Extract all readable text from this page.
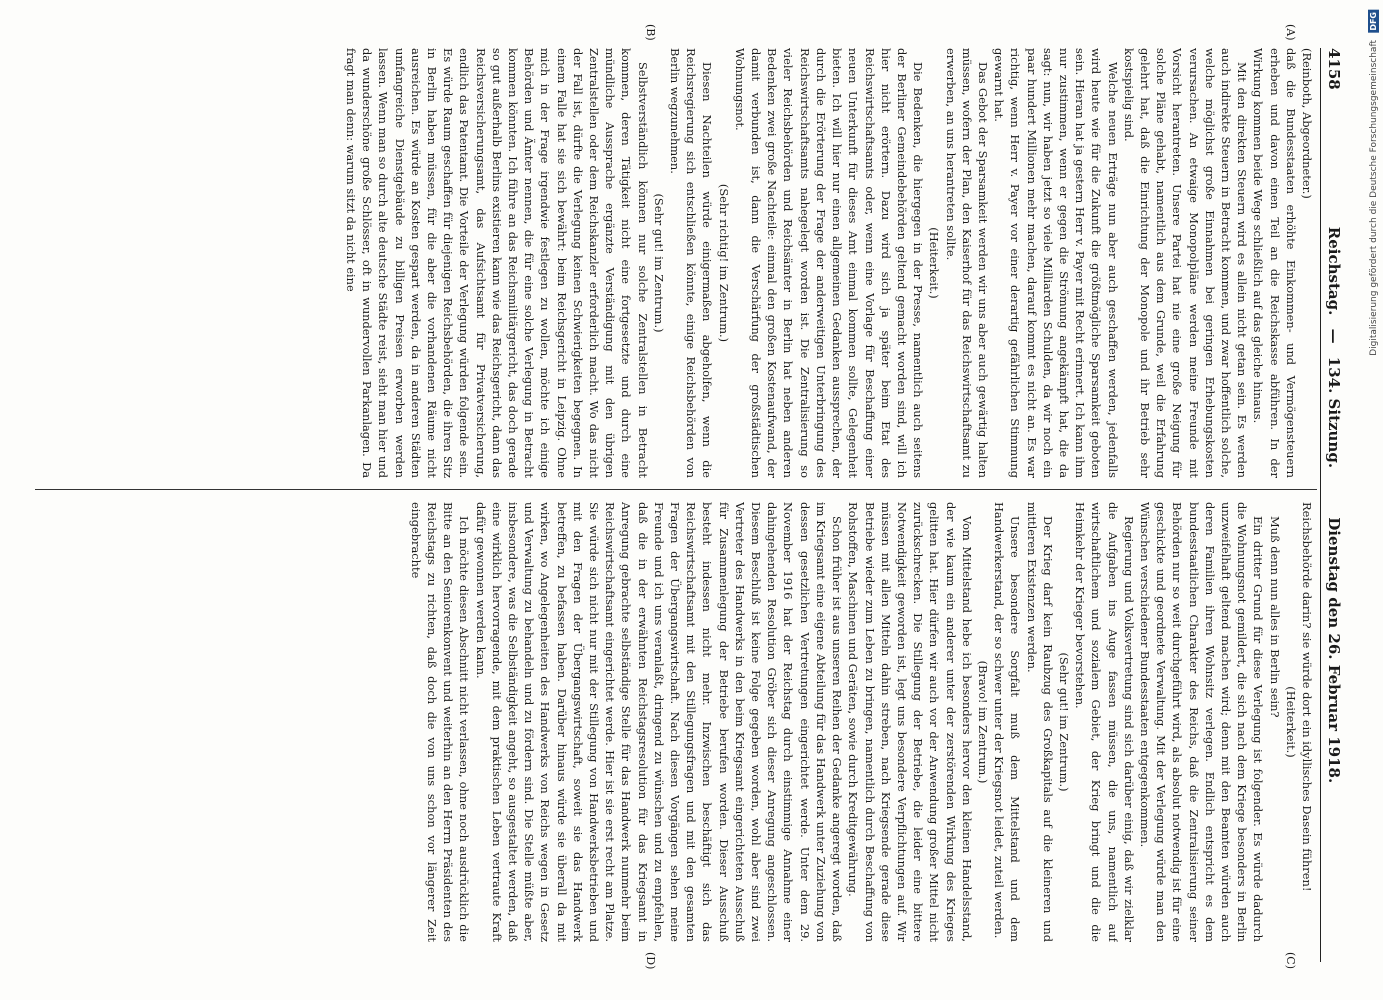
4158
Reichstag. — 134. Sitzung. Dienstag den 26. Februar 1918.
(A)
(B)
(C)
(D)

(Reinboth, Abgeordneter.)

daß die Bundesstaaten erhöhte Einkommen- und Vermögensteuern erheben und davon einen Teil an die Reichskasse abführen. In der Wirkung kommen beide Wege schließlich auf das gleiche hinaus.

Mit den direkten Steuern wird es allein nicht getan sein. Es werden auch indirekte Steuern in Betracht kommen, und zwar hoffentlich solche, welche möglichst große Einnahmen bei geringen Erhebungskosten verursachen. An etwaige Monopolpläne werden meine Freunde mit Vorsicht herantreten. Unsere Partei hat nie eine große Neigung für solche Pläne gehabt, namentlich aus dem Grunde, weil die Erfahrung gelehrt hat, daß die Einrichtung der Monopole und ihr Betrieb sehr kostspielig sind.

Welche neuen Erträge nun aber auch geschaffen werden, jedenfalls wird heute wie für die Zukunft die größtmögliche Sparsamkeit geboten sein. Hieran hat ja gestern Herr v. Payer mit Recht erinnert. Ich kann ihm nur zustimmen, wenn er gegen die Strömung angekämpft hat, die da sagt: nun, wir haben jetzt so viele Milliarden Schulden, da wir noch ein paar hundert Millionen mehr machen, darauf kommt es nicht an. Es war richtig, wenn Herr v. Payer vor einer derartig gefährlichen Stimmung gewarnt hat.

Das Gebot der Sparsamkeit werden wir uns aber auch gewärtig halten müssen, wofern der Plan, den Kaiserhof für das Reichswirtschaftsamt zu erwerben, an uns herantreten sollte.

(Heiterkeit.)

Die Bedenken, die hiergegen in der Presse, namentlich auch seitens der Berliner Gemeindebehörden geltend gemacht worden sind, will ich hier nicht erörtern. Dazu wird sich ja später beim Etat des Reichswirtschaftsamts oder, wenn eine Vorlage für Beschaffung einer neuen Unterkunft für dieses Amt einmal kommen sollte, Gelegenheit bieten. Ich will hier nur einen allgemeinen Gedanken aussprechen, der durch die Erörterung der Frage der anderweitigen Unterbringung des Reichswirtschaftsamts nahegelegt worden ist. Die Zentralisierung so vieler Reichsbehörden und Reichsämter in Berlin hat neben anderen Bedenken zwei große Nachteile: einmal den großen Kostenaufwand, der damit verbunden ist, dann die Verschärfung der großstädtischen Wohnungsnot.

(Sehr richtig! im Zentrum.)

Diesen Nachteilen würde einigermaßen abgeholfen, wenn die Reichsregierung sich entschließen könnte, einige Reichsbehörden von Berlin wegzunehmen.

(Sehr gut! im Zentrum.)

Selbstverständlich können nur solche Zentralstellen in Betracht kommen, deren Tätigkeit nicht eine fortgesetzte und durch eine mündliche Aussprache ergänzte Verständigung mit den übrigen Zentralstellen oder dem Reichskanzler erforderlich macht. Wo das nicht der Fall ist, dürfte die Verlegung keinen Schwierigkeiten begegnen. In einem Falle hat sie sich bewährt: beim Reichsgericht in Leipzig. Ohne mich in der Frage irgendwie festlegen zu wollen, möchte ich einige Behörden und Ämter nennen, die für eine solche Verlegung in Betracht kommen könnten. Ich führe an das Reichsmilitärgericht, das doch gerade so gut außerhalb Berlins existieren kann wie das Reichsgericht, dann das Reichsversicherungsamt, das Aufsichtsamt für Privatversicherung, endlich das Patentamt. Die Vorteile der Verlegung würden folgende sein. Es würde Raum geschaffen für diejenigen Reichsbehörden, die ihren Sitz in Berlin haben müssen, für die aber die vorhandenen Räume nicht ausreichen. Es würde an Kosten gespart werden, da in anderen Städten umfangreiche Dienstgebäude zu billigen Preisen erworben werden lassen. Wenn man so durch alte deutsche Städte reist, sieht man hier und da wunderschöne große Schlösser, oft in wundervollen Parkanlagen. Da fragt man denn: warum sitzt da nicht eine

Reichsbehörde darin? sie würde dort ein idyllisches Dasein führen!

(Heiterkeit.)

Muß denn nun alles in Berlin sein?

Ein dritter Grund für diese Verlegung ist folgender. Es würde dadurch die Wohnungsnot gemildert, die sich nach dem Kriege besonders in Berlin unzweifelhaft geltend machen wird; denn mit den Beamten würden auch deren Familien ihren Wohnsitz verlegen. Endlich entspricht es dem bundesstaatlichen Charakter des Reichs, daß die Zentralisierung seiner Behörden nur so weit durchgeführt wird, als absolut notwendig ist für eine geschickte und geordnete Verwaltung. Mit der Verlegung würde man den Wünschen verschiedener Bundesstaaten entgegenkommen.

Regierung und Volksvertretung sind sich darüber einig, daß wir zielklar die Aufgaben ins Auge fassen müssen, die uns, namentlich auf wirtschaftlichem und sozialem Gebiet, der Krieg bringt und die die Heimkehr der Krieger bevorstehen.

(Sehr gut! im Zentrum.)

Der Krieg darf kein Raubzug des Großkapitals auf die kleineren und mittleren Existenzen werden.

Unsere besondere Sorgfalt muß dem Mittelstand und dem Handwerkerstand, der so schwer unter der Kriegsnot leidet, zuteil werden.

(Bravo! im Zentrum.)

Vom Mittelstand hebe ich besonders hervor den kleinen Handelsstand, der wie kaum ein anderer unter der zerstörenden Wirkung des Krieges gelitten hat. Hier dürfen wir auch vor der Anwendung großer Mittel nicht zurückschrecken. Die Stillegung der Betriebe, die leider eine bittere Notwendigkeit geworden ist, legt uns besondere Verpflichtungen auf. Wir müssen mit allen Mitteln dahin streben, nach Kriegsende gerade diese Betriebe wieder zum Leben zu bringen, namentlich durch Beschaffung von Rohstoffen, Maschinen und Geräten, sowie durch Kreditgewährung.

Schon früher ist aus unseren Reihen der Gedanke angeregt worden, daß im Kriegsamt eine eigene Abteilung für das Handwerk unter Zuziehung von dessen gesetzlichen Vertretungen eingerichtet werde. Unter dem 29. November 1916 hat der Reichstag durch einstimmige Annahme einer dahingehenden Resolution Gröber sich dieser Anregung angeschlossen. Diesem Beschluß ist keine Folge gegeben worden, wohl aber sind zwei Vertreter des Handwerks in den beim Kriegsamt eingerichteten Ausschuß für Zusammenlegung der Betriebe berufen worden. Dieser Ausschuß besteht indessen nicht mehr. Inzwischen beschäftigt sich das Reichswirtschaftsamt mit den Stillegungsfragen und mit den gesamten Fragen der Übergangswirtschaft. Nach diesen Vorgängen sehen meine Freunde und ich uns veranlaßt, dringend zu wünschen und zu empfehlen, daß die in der erwähnten Reichstagsresolution für das Kriegsamt in Anregung gebrachte selbständige Stelle für das Handwerk nunmehr beim Reichswirtschaftsamt eingerichtet werde. Hier ist sie erst recht am Platze. Sie würde sich nicht nur mit der Stillegung von Handwerksbetrieben und mit den Fragen der Übergangswirtschaft, soweit sie das Handwerk betreffen, zu befassen haben. Darüber hinaus würde sie überall da mit wirken, wo Angelegenheiten des Handwerks von Reichs wegen in Gesetz und Verwaltung zu behandeln und zu fördern sind. Die Stelle müßte aber, insbesondere, was die Selbständigkeit angeht, so ausgestaltet werden, daß eine wirklich hervorragende, mit dem praktischen Leben vertraute Kraft dafür gewonnen werden kann.

Ich möchte diesen Abschnitt nicht verlassen, ohne noch ausdrücklich die Bitte an den Seniorenkonvent und weiterhin an den Herrn Präsidenten des Reichstags zu richten, daß doch die von uns schon vor längerer Zeit eingebrachte

DFG
Digitalisierung gefördert durch die Deutsche Forschungsgemeinschaft
